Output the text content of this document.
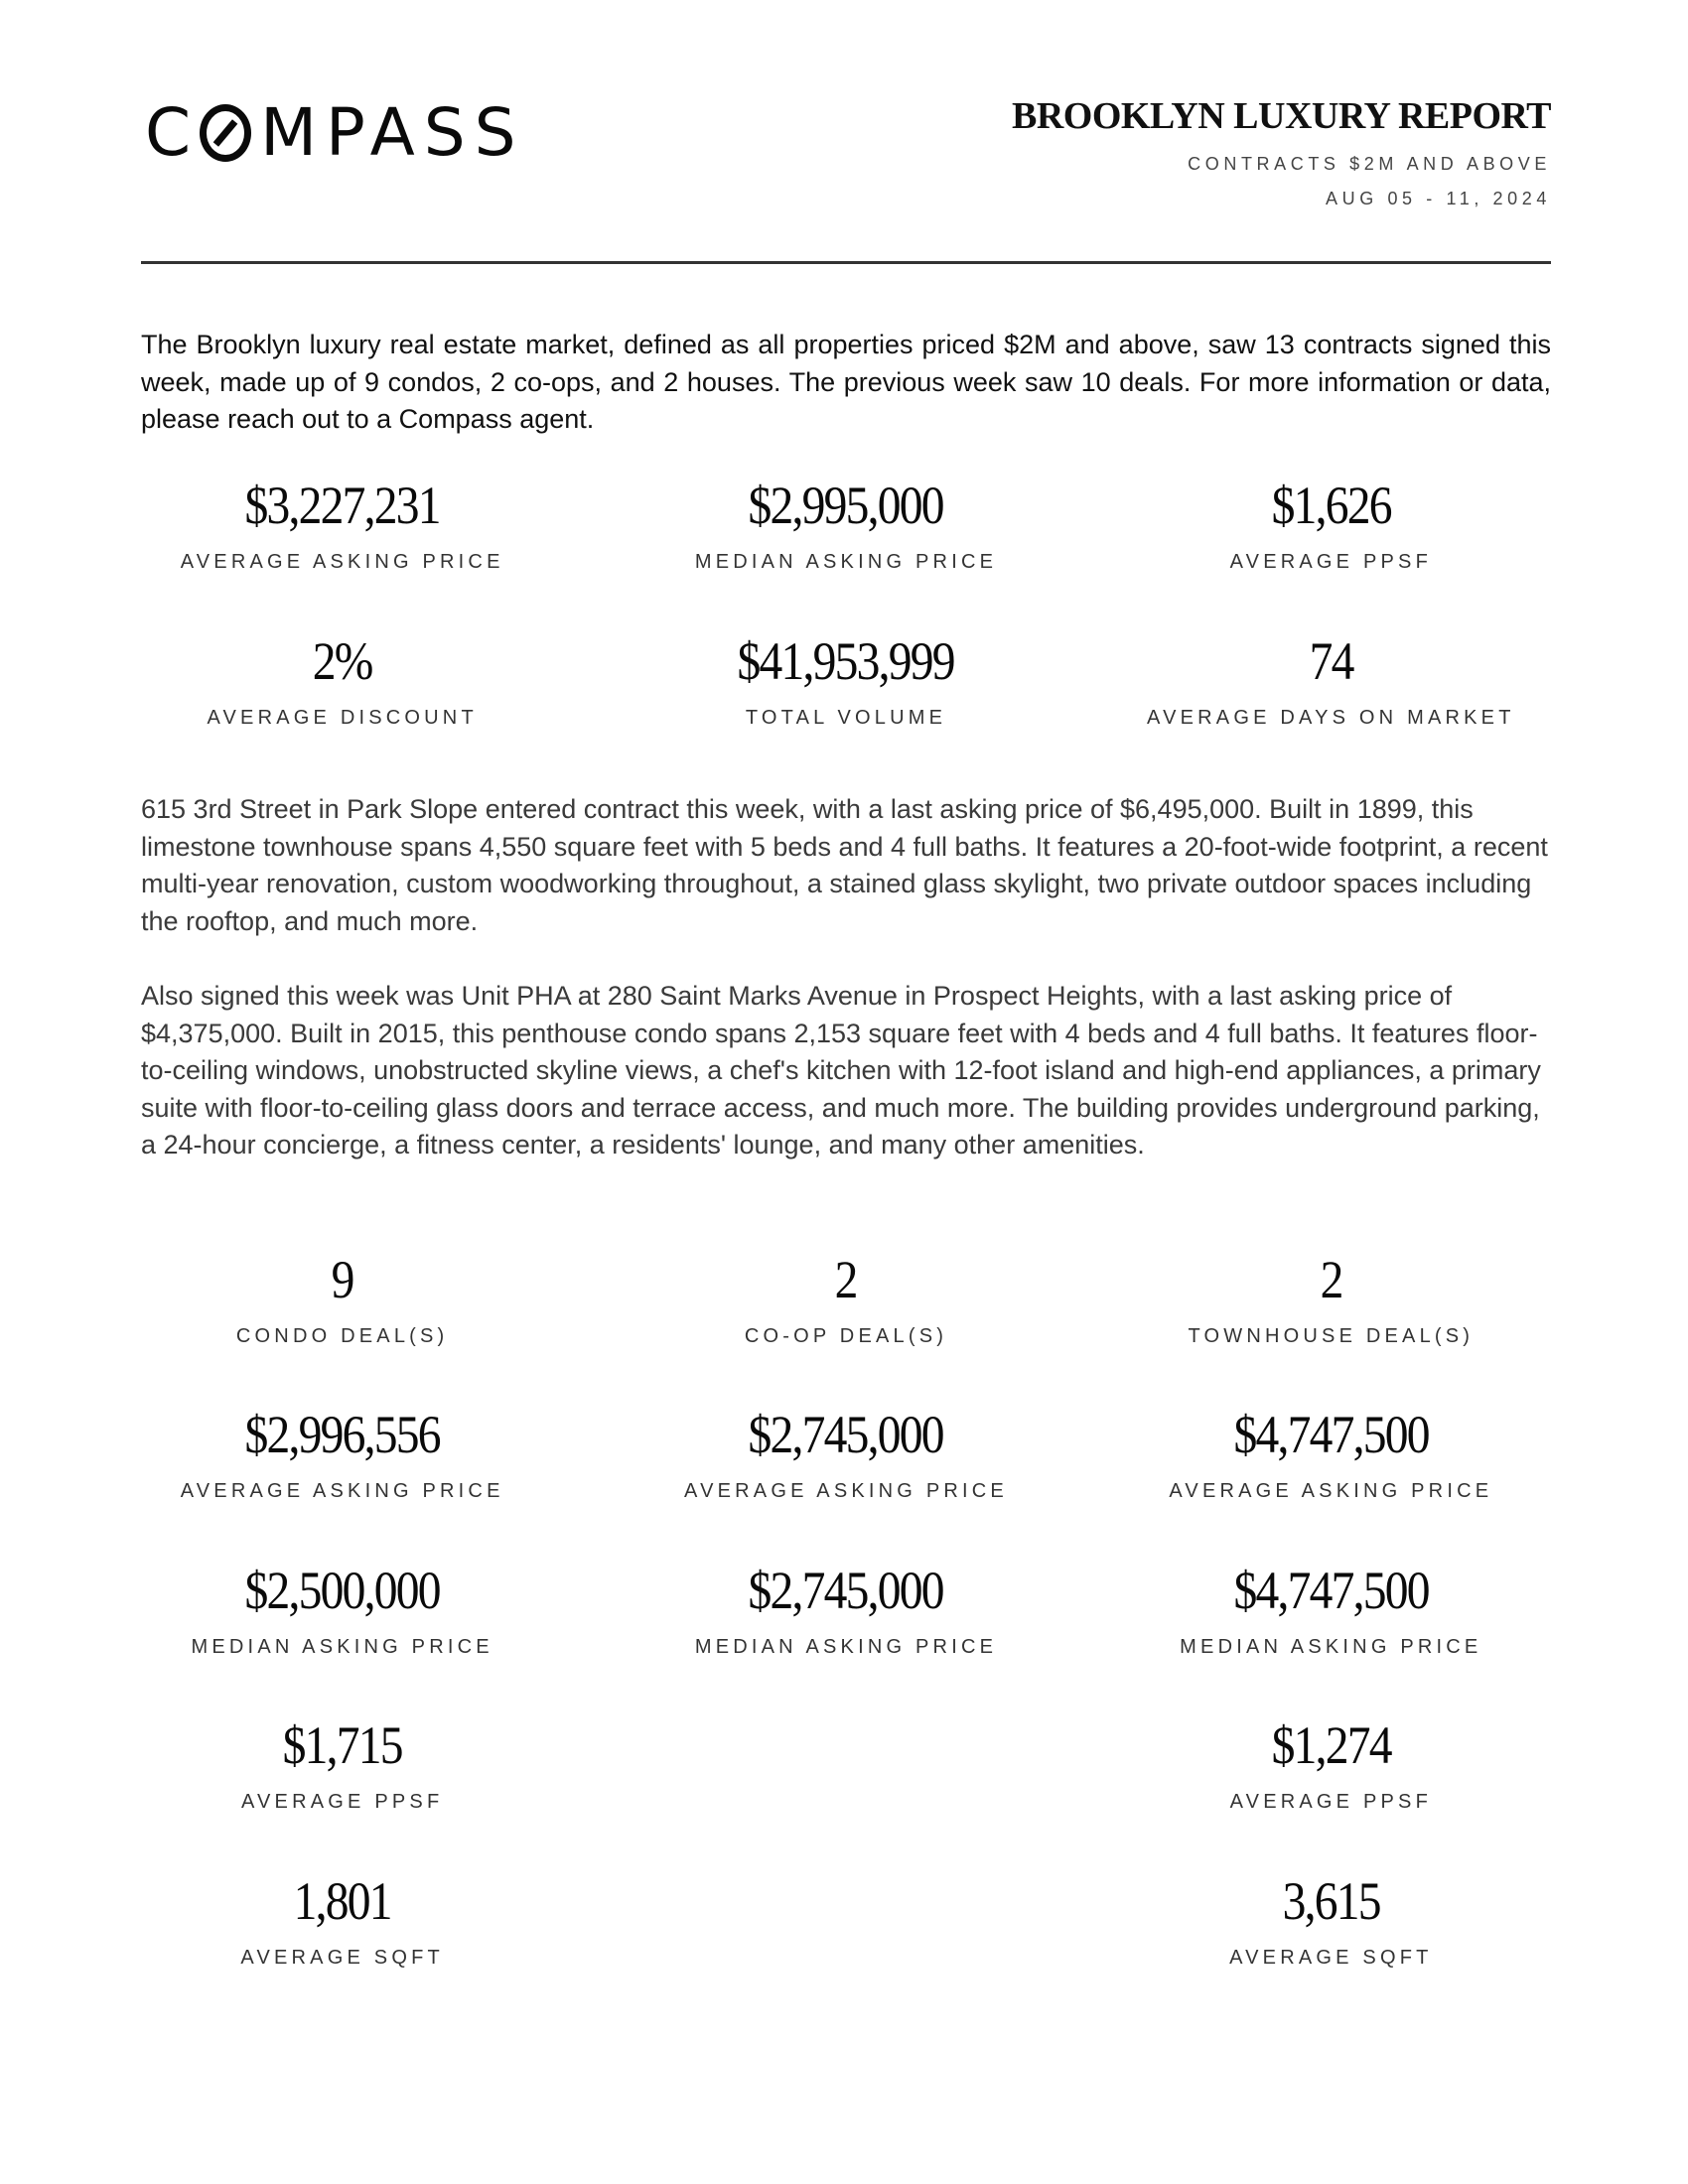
C MPASS	BROOKLYN LUXURY REPORT
CONTRACTS $2M AND ABOVE
AUG 05 - 11, 2024

The Brooklyn luxury real estate market, defined as all properties priced $2M and above, saw 13 contracts signed this week, made up of 9 condos, 2 co-ops, and 2 houses. The previous week saw 10 deals. For more information or data, please reach out to a Compass agent.

$3,227,231
AVERAGE ASKING PRICE
$2,995,000
MEDIAN ASKING PRICE
$1,626
AVERAGE PPSF
2%
AVERAGE DISCOUNT
$41,953,999
TOTAL VOLUME
74
AVERAGE DAYS ON MARKET

615 3rd Street in Park Slope entered contract this week, with a last asking price of $6,495,000. Built in 1899, this limestone townhouse spans 4,550 square feet with 5 beds and 4 full baths. It features a 20-foot-wide footprint, a recent multi-year renovation, custom woodworking throughout, a stained glass skylight, two private outdoor spaces including the rooftop, and much more.

Also signed this week was Unit PHA at 280 Saint Marks Avenue in Prospect Heights, with a last asking price of $4,375,000. Built in 2015, this penthouse condo spans 2,153 square feet with 4 beds and 4 full baths. It features floor-to-ceiling windows, unobstructed skyline views, a chef's kitchen with 12-foot island and high-end appliances, a primary suite with floor-to-ceiling glass doors and terrace access, and much more. The building provides underground parking, a 24-hour concierge, a fitness center, a residents' lounge, and many other amenities.

9
CONDO DEAL(S)
2
CO-OP DEAL(S)
2
TOWNHOUSE DEAL(S)
$2,996,556
AVERAGE ASKING PRICE
$2,745,000
AVERAGE ASKING PRICE
$4,747,500
AVERAGE ASKING PRICE
$2,500,000
MEDIAN ASKING PRICE
$2,745,000
MEDIAN ASKING PRICE
$4,747,500
MEDIAN ASKING PRICE
$1,715
AVERAGE PPSF
$1,274
AVERAGE PPSF
1,801
AVERAGE SQFT
3,615
AVERAGE SQFT
